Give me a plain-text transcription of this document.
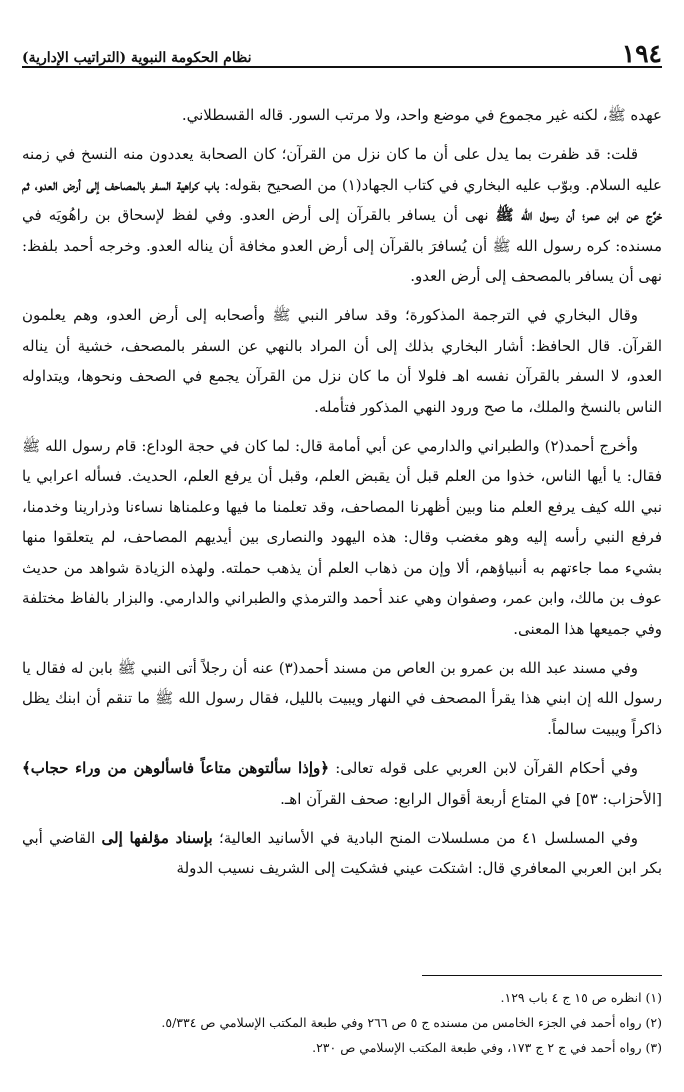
١٩٤
نظام الحكومة النبوية (التراتيب الإدارية)

عهده ﷺ، لكنه غير مجموع في موضع واحد، ولا مرتب السور. قاله القسطلاني.

قلت: قد ظفرت بما يدل على أن ما كان نزل من القرآن؛ كان الصحابة يعددون منه النسخ في زمنه عليه السلام. وبوّب عليه البخاري في كتاب الجهاد(١) من الصحيح بقوله: باب كراهية السفر بالمصاحف إلى أرض العدو، ثم خرَّج عن ابن عمر؛ أن رسول الله ﷺ نهى أن يسافر بالقرآن إلى أرض العدو. وفي لفظ لإسحاق بن راهُويَه في مسنده: كره رسول الله ﷺ أن يُسافرَ بالقرآن إلى أرض العدو مخافة أن يناله العدو. وخرجه أحمد بلفظ: نهى أن يسافر بالمصحف إلى أرض العدو.

وقال البخاري في الترجمة المذكورة؛ وقد سافر النبي ﷺ وأصحابه إلى أرض العدو، وهم يعلمون القرآن. قال الحافظ: أشار البخاري بذلك إلى أن المراد بالنهي عن السفر بالمصحف، خشية أن يناله العدو، لا السفر بالقرآن نفسه اهـ فلولا أن ما كان نزل من القرآن يجمع في الصحف ونحوها، ويتداوله الناس بالنسخ والملك، ما صح ورود النهي المذكور فتأمله.

وأخرج أحمد(٢) والطبراني والدارمي عن أبي أمامة قال: لما كان في حجة الوداع: قام رسول الله ﷺ فقال: يا أيها الناس، خذوا من العلم قبل أن يقبض العلم، وقبل أن يرفع العلم، الحديث. فسأله اعرابي يا نبي الله كيف يرفع العلم منا وبين أظهرنا المصاحف، وقد تعلمنا ما فيها وعلمناها نساءنا وذرارينا وخدمنا، فرفع النبي رأسه إليه وهو مغضب وقال: هذه اليهود والنصارى بين أيديهم المصاحف، لم يتعلقوا منها بشيء مما جاءتهم به أنبياؤهم، ألا وإن من ذهاب العلم أن يذهب حملته. ولهذه الزيادة شواهد من حديث عوف بن مالك، وابن عمر، وصفوان وهي عند أحمد والترمذي والطبراني والدارمي. والبزار بالفاظ مختلفة وفي جميعها هذا المعنى.

وفي مسند عبد الله بن عمرو بن العاص من مسند أحمد(٣) عنه أن رجلاً أتى النبي ﷺ بابن له فقال يا رسول الله إن ابني هذا يقرأ المصحف في النهار ويبيت بالليل، فقال رسول الله ﷺ ما تنقم أن ابنك يظل ذاكراً ويبيت سالماً.

وفي أحكام القرآن لابن العربي على قوله تعالى: ﴿وإذا سألتوهن متاعاً فاسألوهن من وراء حجاب﴾ [الأحزاب: ٥٣] في المتاع أربعة أقوال الرابع: صحف القرآن اهـ.

وفي المسلسل ٤١ من مسلسلات المنح البادية في الأسانيد العالية؛ بإسناد مؤلفها إلى القاضي أبي بكر ابن العربي المعافري قال: اشتكت عيني فشكيت إلى الشريف نسيب الدولة

(١) انظره ص ١٥ ج ٤ باب ١٢٩.
(٢) رواه أحمد في الجزء الخامس من مسنده ج ٥ ص ٢٦٦ وفي طبعة المكتب الإسلامي ص ٥/٣٣٤.
(٣) رواه أحمد في ج ٢ ج ١٧٣، وفي طبعة المكتب الإسلامي ص ٢٣٠.
